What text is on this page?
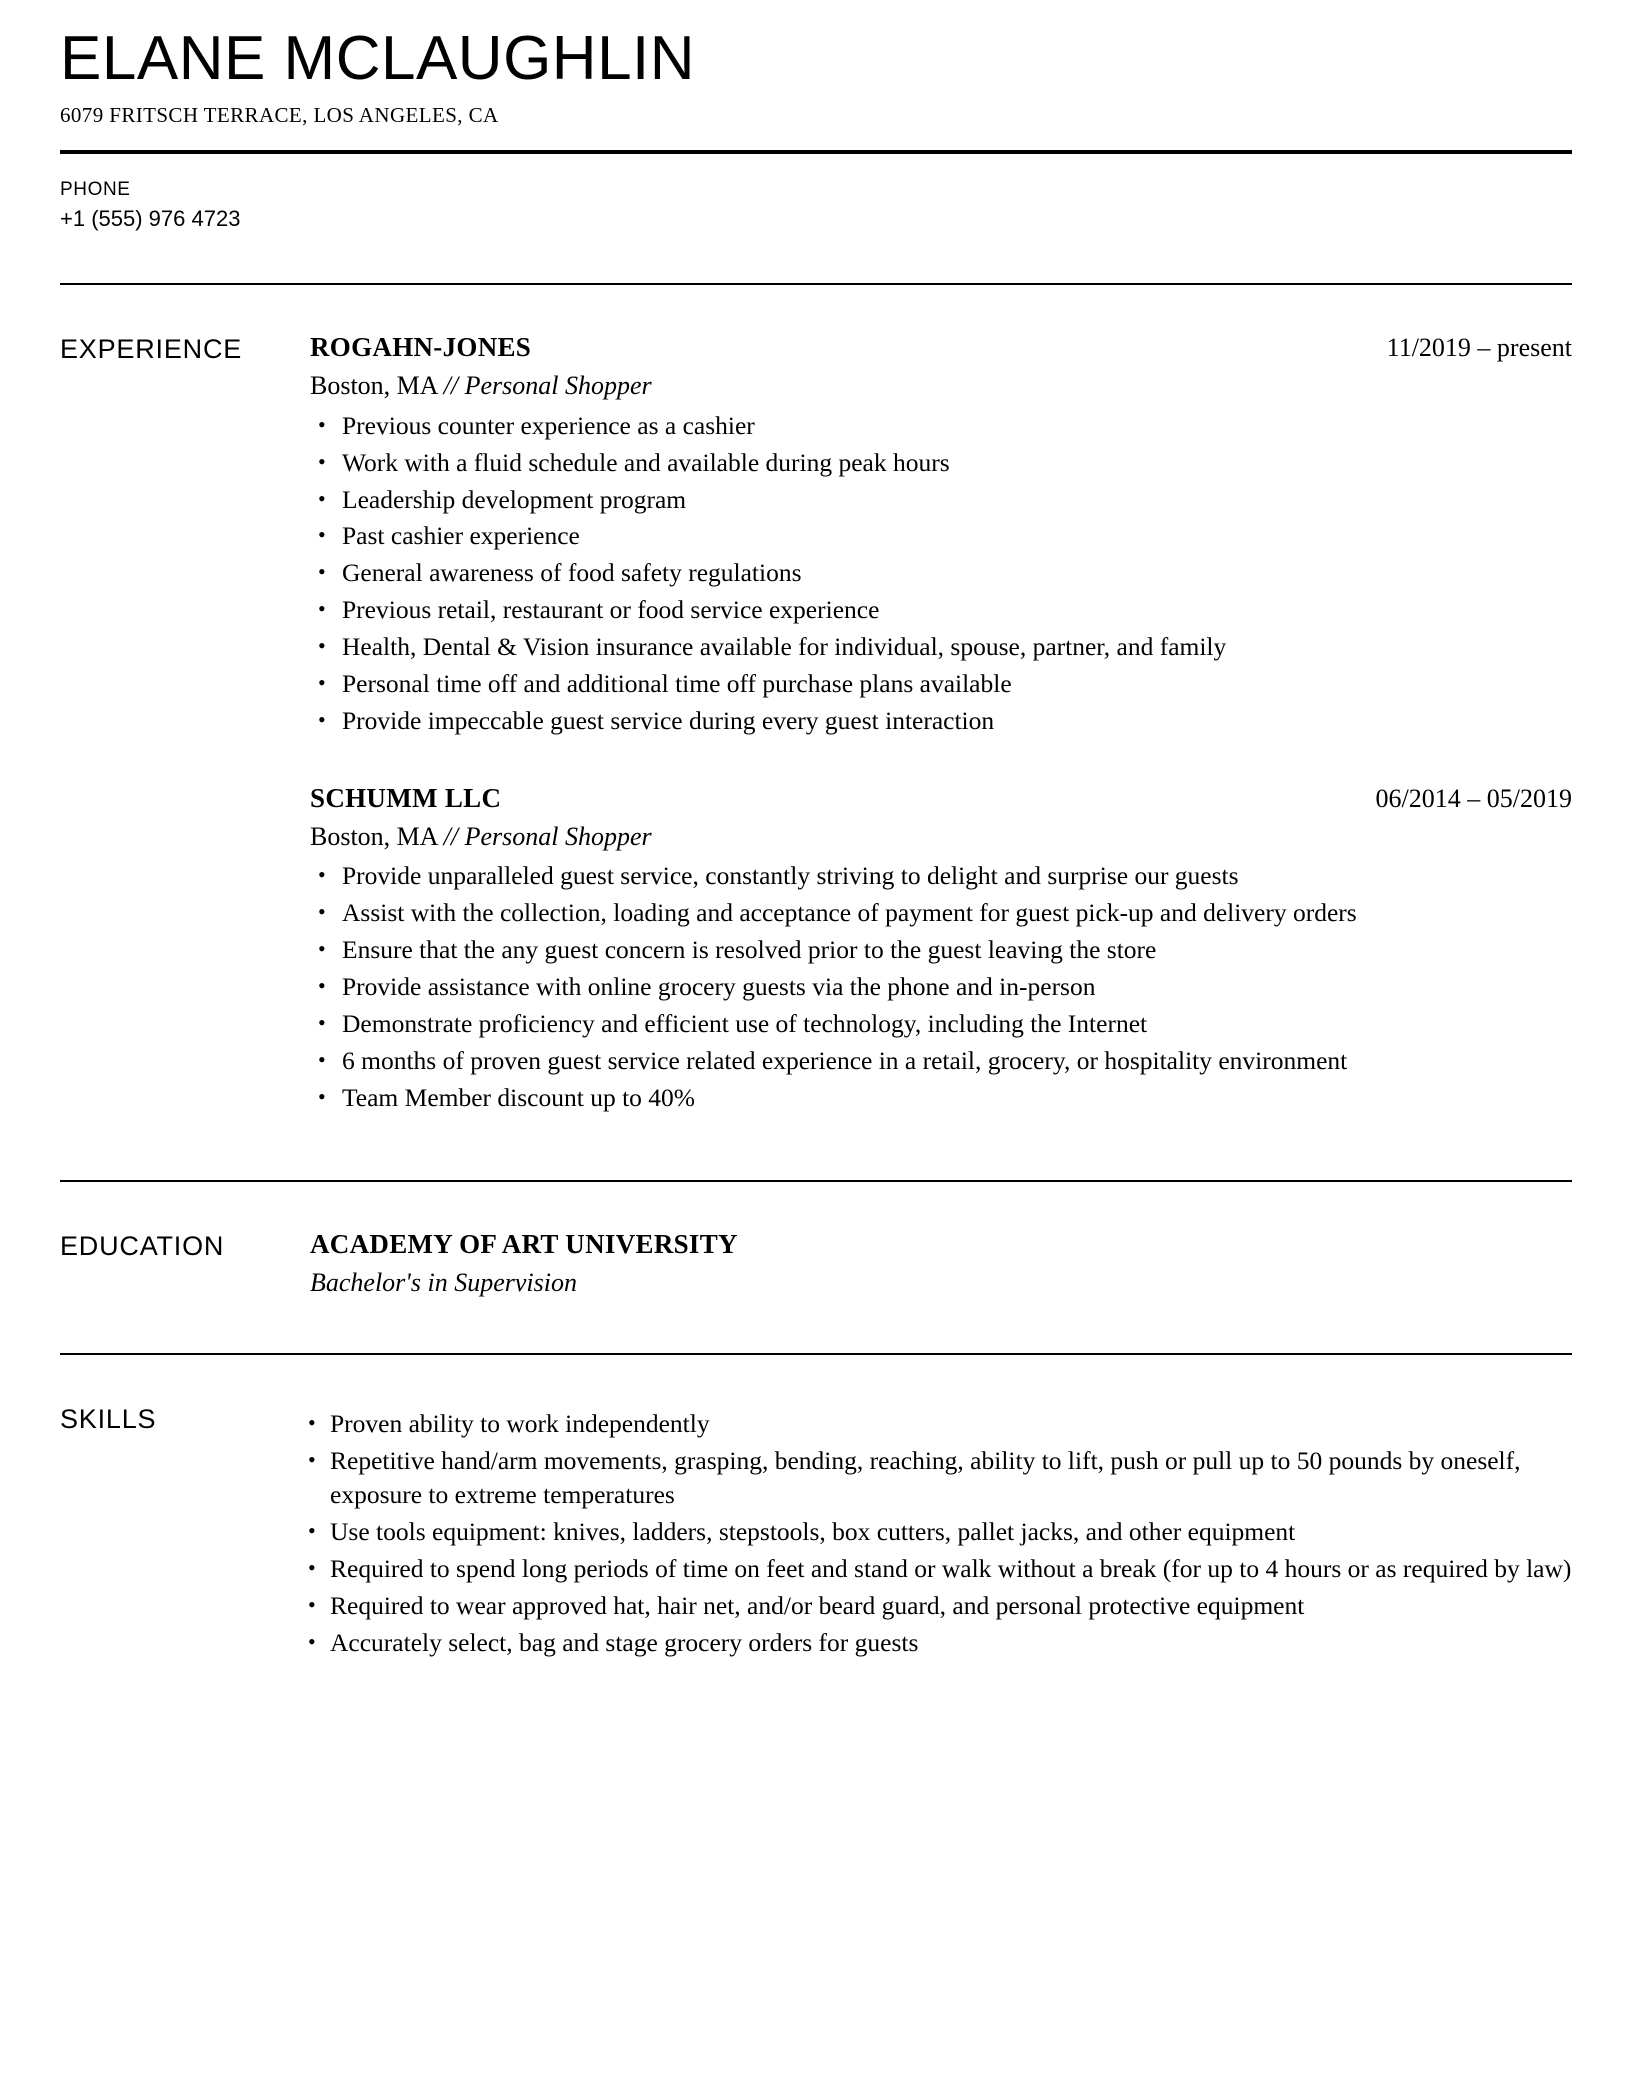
ELANE MCLAUGHLIN
6079 FRITSCH TERRACE, LOS ANGELES, CA
PHONE
+1 (555) 976 4723
EXPERIENCE	ROGAHN-JONES	11/2019 – present
Boston, MA // Personal Shopper
• Previous counter experience as a cashier
• Work with a fluid schedule and available during peak hours
• Leadership development program
• Past cashier experience
• General awareness of food safety regulations
• Previous retail, restaurant or food service experience
• Health, Dental & Vision insurance available for individual, spouse, partner, and family
• Personal time off and additional time off purchase plans available
• Provide impeccable guest service during every guest interaction
SCHUMM LLC	06/2014 – 05/2019
Boston, MA // Personal Shopper
• Provide unparalleled guest service, constantly striving to delight and surprise our guests
• Assist with the collection, loading and acceptance of payment for guest pick-up and delivery orders
• Ensure that the any guest concern is resolved prior to the guest leaving the store
• Provide assistance with online grocery guests via the phone and in-person
• Demonstrate proficiency and efficient use of technology, including the Internet
• 6 months of proven guest service related experience in a retail, grocery, or hospitality environment
• Team Member discount up to 40%
EDUCATION	ACADEMY OF ART UNIVERSITY
Bachelor's in Supervision
SKILLS	• Proven ability to work independently
• Repetitive hand/arm movements, grasping, bending, reaching, ability to lift, push or pull up to 50 pounds by oneself, exposure to extreme temperatures
• Use tools equipment: knives, ladders, stepstools, box cutters, pallet jacks, and other equipment
• Required to spend long periods of time on feet and stand or walk without a break (for up to 4 hours or as required by law)
• Required to wear approved hat, hair net, and/or beard guard, and personal protective equipment
• Accurately select, bag and stage grocery orders for guests
